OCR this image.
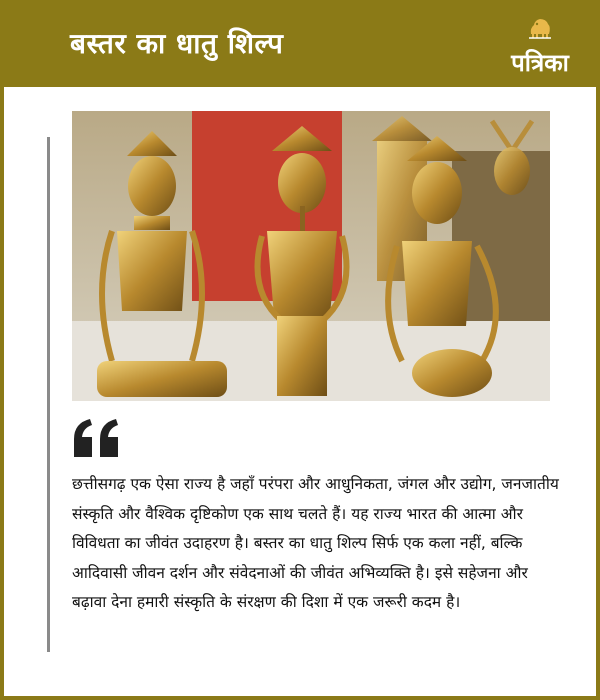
बस्तर का धातु शिल्प
पत्रिका

छत्तीसगढ़ एक ऐसा राज्य है जहाँ परंपरा और आधुनिकता, जंगल और उद्योग, जनजातीय संस्कृति और वैश्विक दृष्टिकोण एक साथ चलते हैं। यह राज्य भारत की आत्मा और विविधता का जीवंत उदाहरण है। बस्तर का धातु शिल्प सिर्फ एक कला नहीं, बल्कि आदिवासी जीवन दर्शन और संवेदनाओं की जीवंत अभिव्यक्ति है। इसे सहेजना और बढ़ावा देना हमारी संस्कृति के संरक्षण की दिशा में एक जरूरी कदम है।
